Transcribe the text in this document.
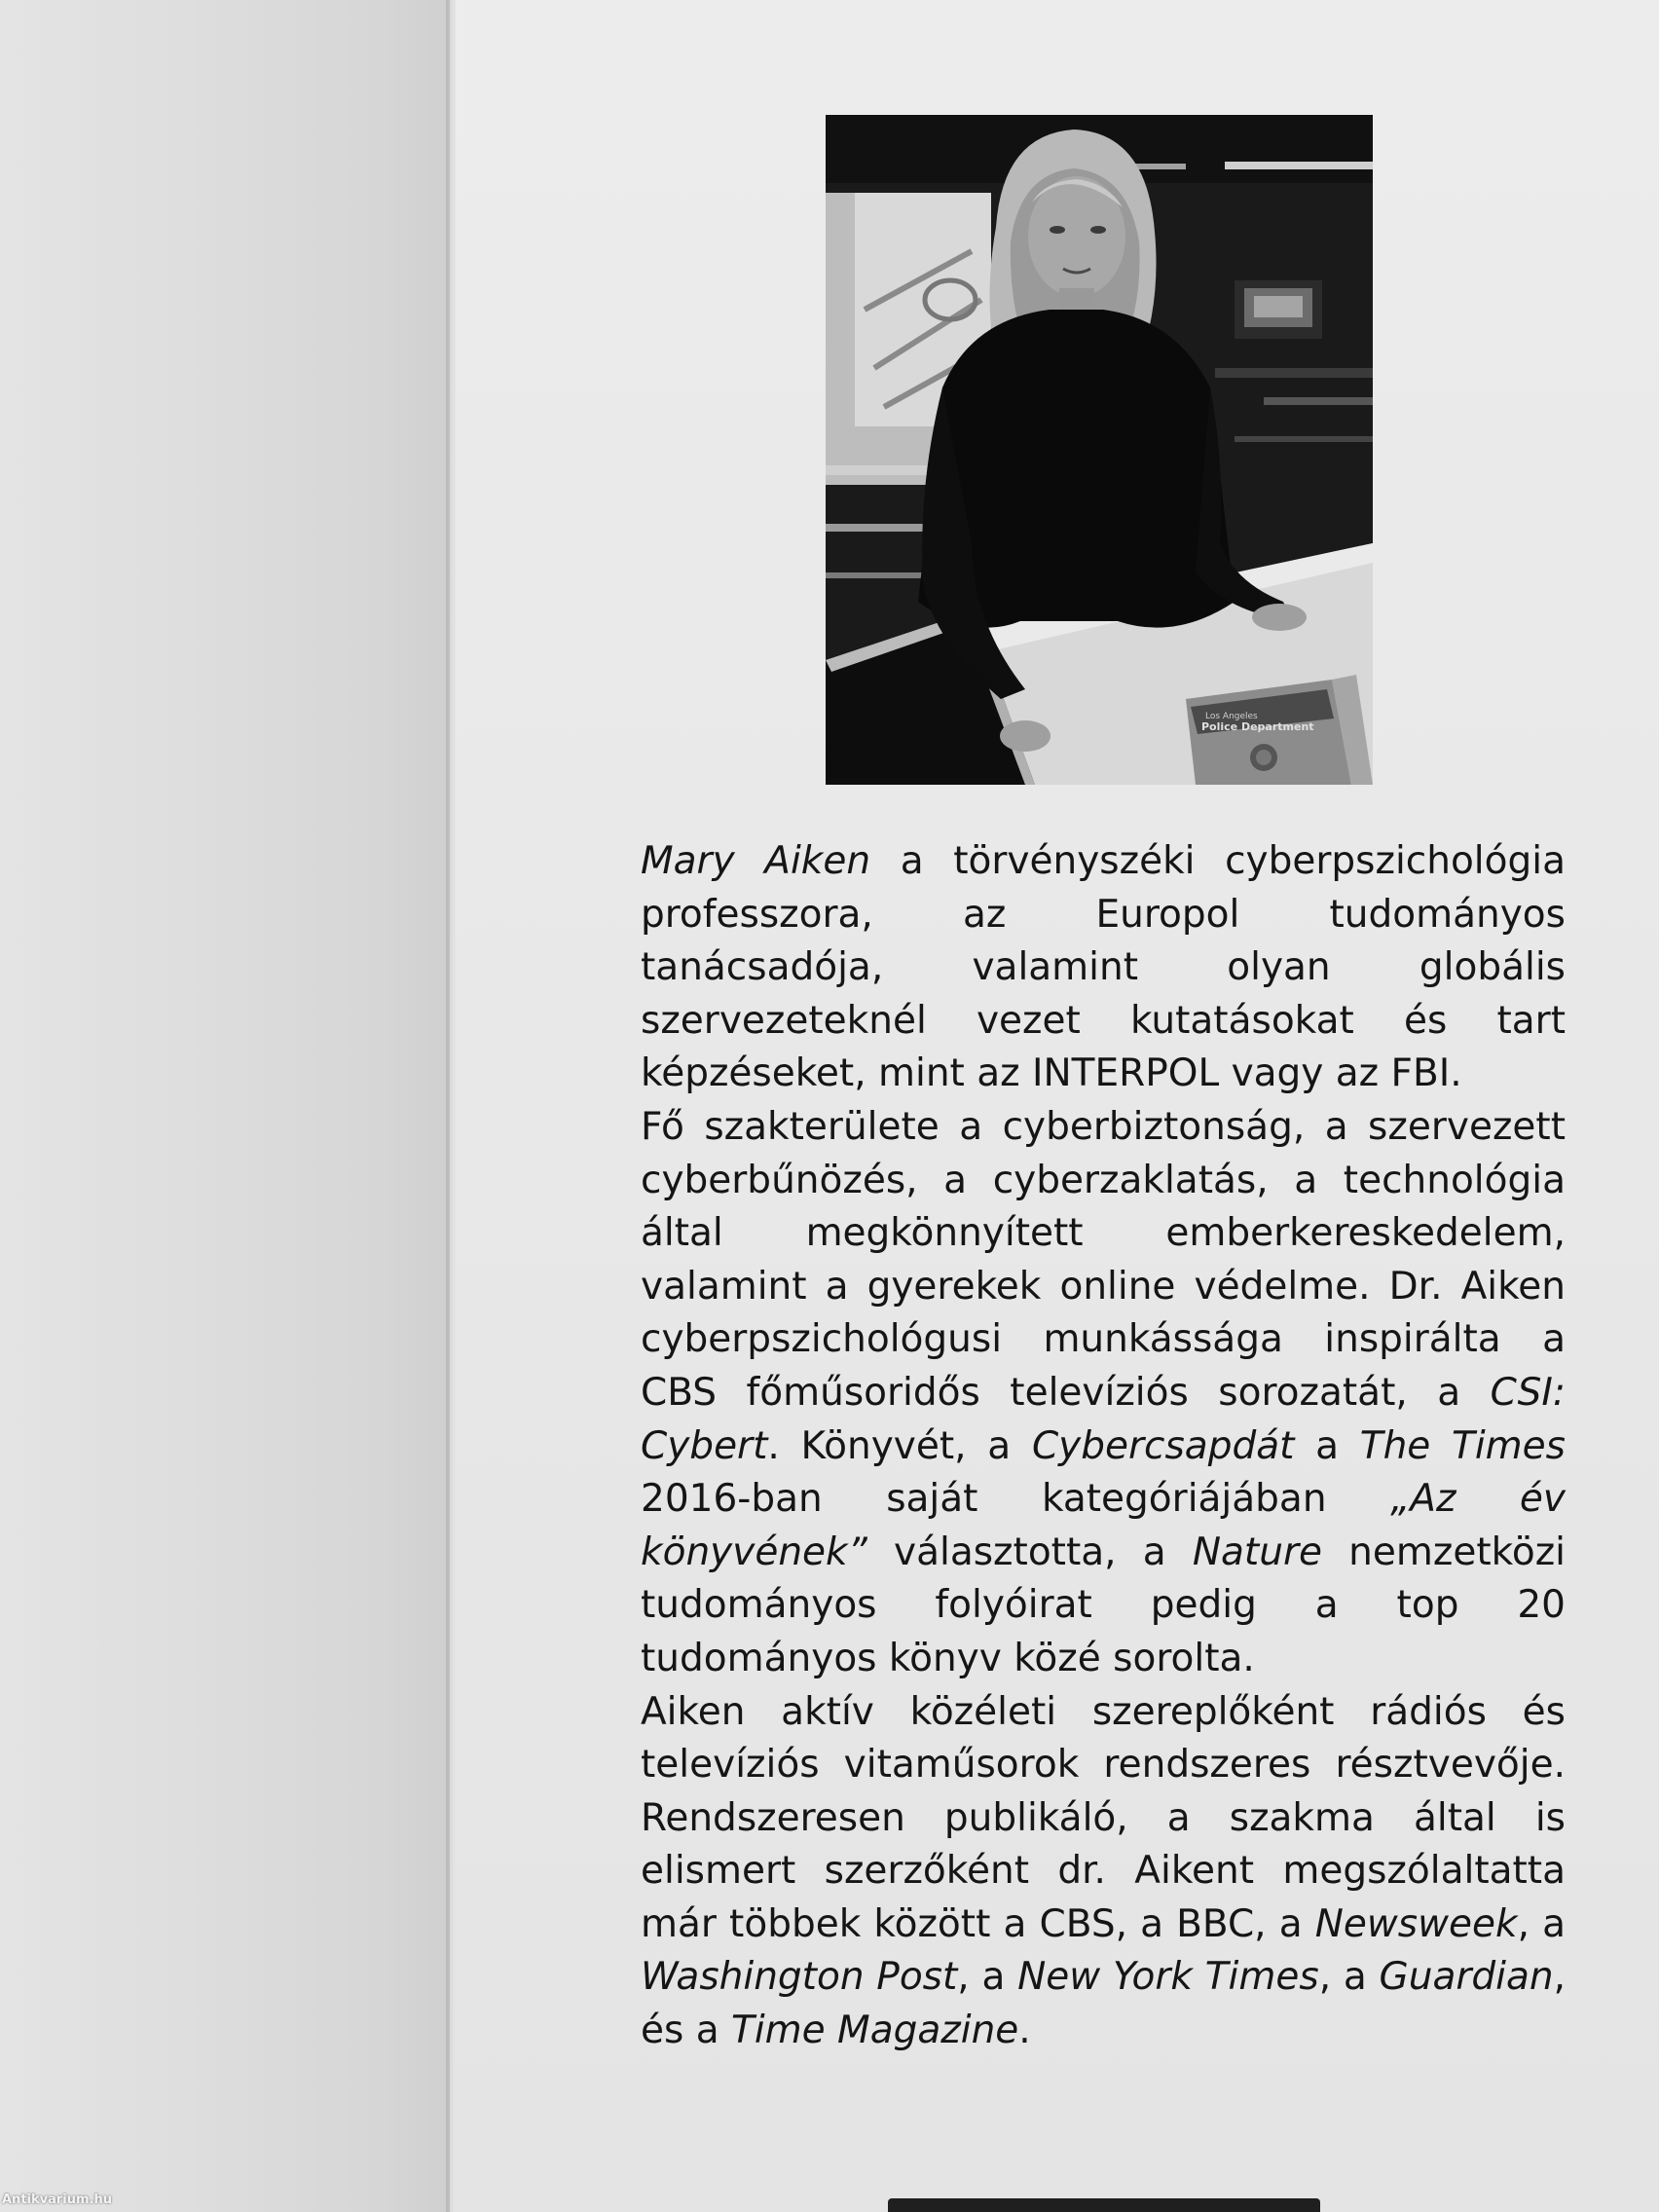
Los Angeles
Police Department

Mary Aiken a törvényszéki cyberpszichológia professzora, az Europol tudományos tanácsadója, valamint olyan globális szervezeteknél vezet kutatásokat és tart képzéseket, mint az INTERPOL vagy az FBI.

Fő szakterülete a cyberbiztonság, a szervezett cyberbűnözés, a cyberzaklatás, a technológia által megkönnyített emberkereskedelem, valamint a gyerekek online védelme. Dr. Aiken cyberpszichológusi munkássága inspirálta a CBS főműsoridős televíziós sorozatát, a CSI: Cybert. Könyvét, a Cybercsapdát a The Times 2016-ban saját kategóriájában „Az év könyvének” választotta, a Nature nemzetközi tudományos folyóirat pedig a top 20 tudományos könyv közé sorolta.

Aiken aktív közéleti szereplőként rádiós és televíziós vitaműsorok rendszeres résztvevője. Rendszeresen publikáló, a szakma által is elismert szerzőként dr. Aikent megszólaltatta már többek között a CBS, a BBC, a Newsweek, a Washington Post, a New York Times, a Guardian, és a Time Magazine.

Antikvarium.hu
